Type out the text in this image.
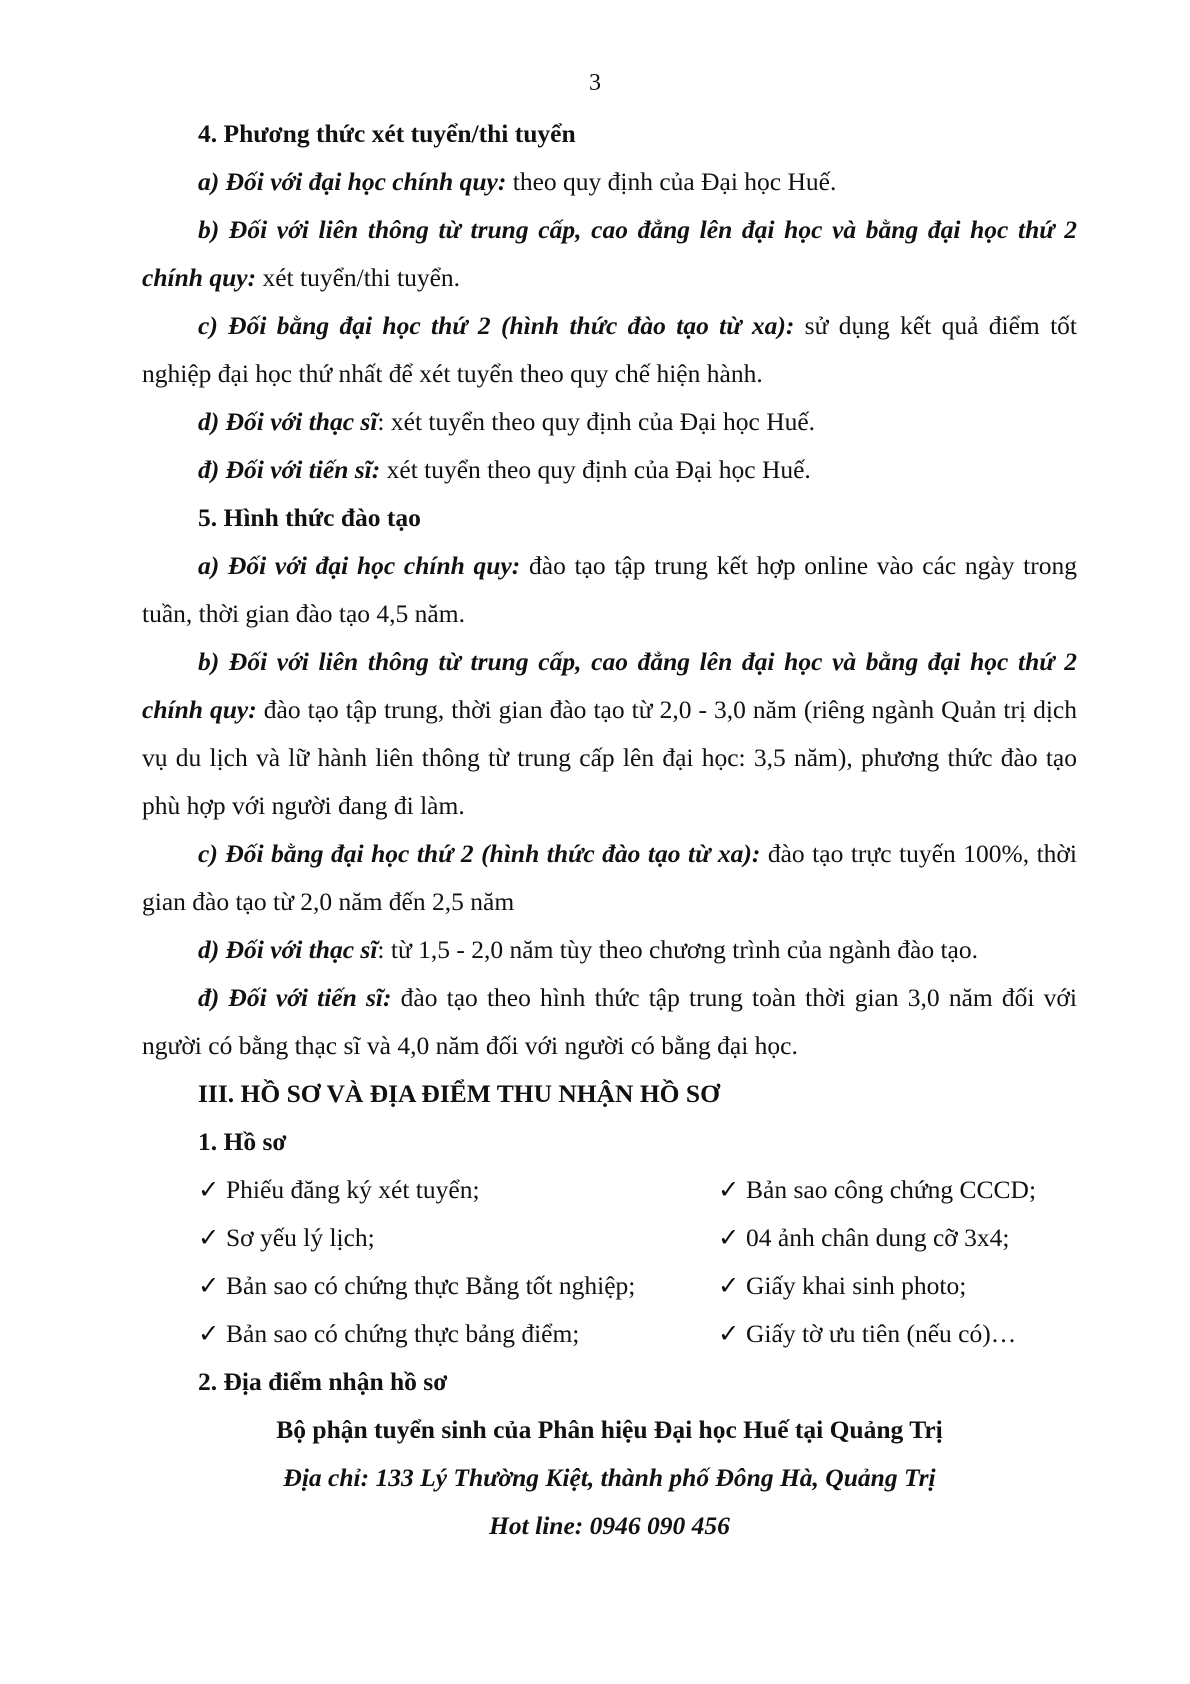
3

4. Phương thức xét tuyển/thi tuyển

a) Đối với đại học chính quy: theo quy định của Đại học Huế.

b) Đối với liên thông từ trung cấp, cao đẳng lên đại học và bằng đại học thứ 2 chính quy: xét tuyển/thi tuyển.

c) Đối bằng đại học thứ 2 (hình thức đào tạo từ xa): sử dụng kết quả điểm tốt nghiệp đại học thứ nhất để xét tuyển theo quy chế hiện hành.

d) Đối với thạc sĩ: xét tuyển theo quy định của Đại học Huế.

đ) Đối với tiến sĩ: xét tuyển theo quy định của Đại học Huế.

5. Hình thức đào tạo

a) Đối với đại học chính quy: đào tạo tập trung kết hợp online vào các ngày trong tuần, thời gian đào tạo 4,5 năm.

b) Đối với liên thông từ trung cấp, cao đẳng lên đại học và bằng đại học thứ 2 chính quy: đào tạo tập trung, thời gian đào tạo từ 2,0 - 3,0 năm (riêng ngành Quản trị dịch vụ du lịch và lữ hành liên thông từ trung cấp lên đại học: 3,5 năm), phương thức đào tạo phù hợp với người đang đi làm.

c) Đối bằng đại học thứ 2 (hình thức đào tạo từ xa): đào tạo trực tuyến 100%, thời gian đào tạo từ 2,0 năm đến 2,5 năm

d) Đối với thạc sĩ: từ 1,5 - 2,0 năm tùy theo chương trình của ngành đào tạo.

đ) Đối với tiến sĩ: đào tạo theo hình thức tập trung toàn thời gian 3,0 năm đối với người có bằng thạc sĩ và 4,0 năm đối với người có bằng đại học.

III. HỒ SƠ VÀ ĐỊA ĐIỂM THU NHẬN HỒ SƠ

1. Hồ sơ

✓ Phiếu đăng ký xét tuyển;	✓ Bản sao công chứng CCCD;
✓ Sơ yếu lý lịch;	✓ 04 ảnh chân dung cỡ 3x4;
✓ Bản sao có chứng thực Bằng tốt nghiệp;	✓ Giấy khai sinh photo;
✓ Bản sao có chứng thực bảng điểm;	✓ Giấy tờ ưu tiên (nếu có)…

2. Địa điểm nhận hồ sơ

Bộ phận tuyển sinh của Phân hiệu Đại học Huế tại Quảng Trị

Địa chỉ: 133 Lý Thường Kiệt, thành phố Đông Hà, Quảng Trị

Hot line: 0946 090 456
